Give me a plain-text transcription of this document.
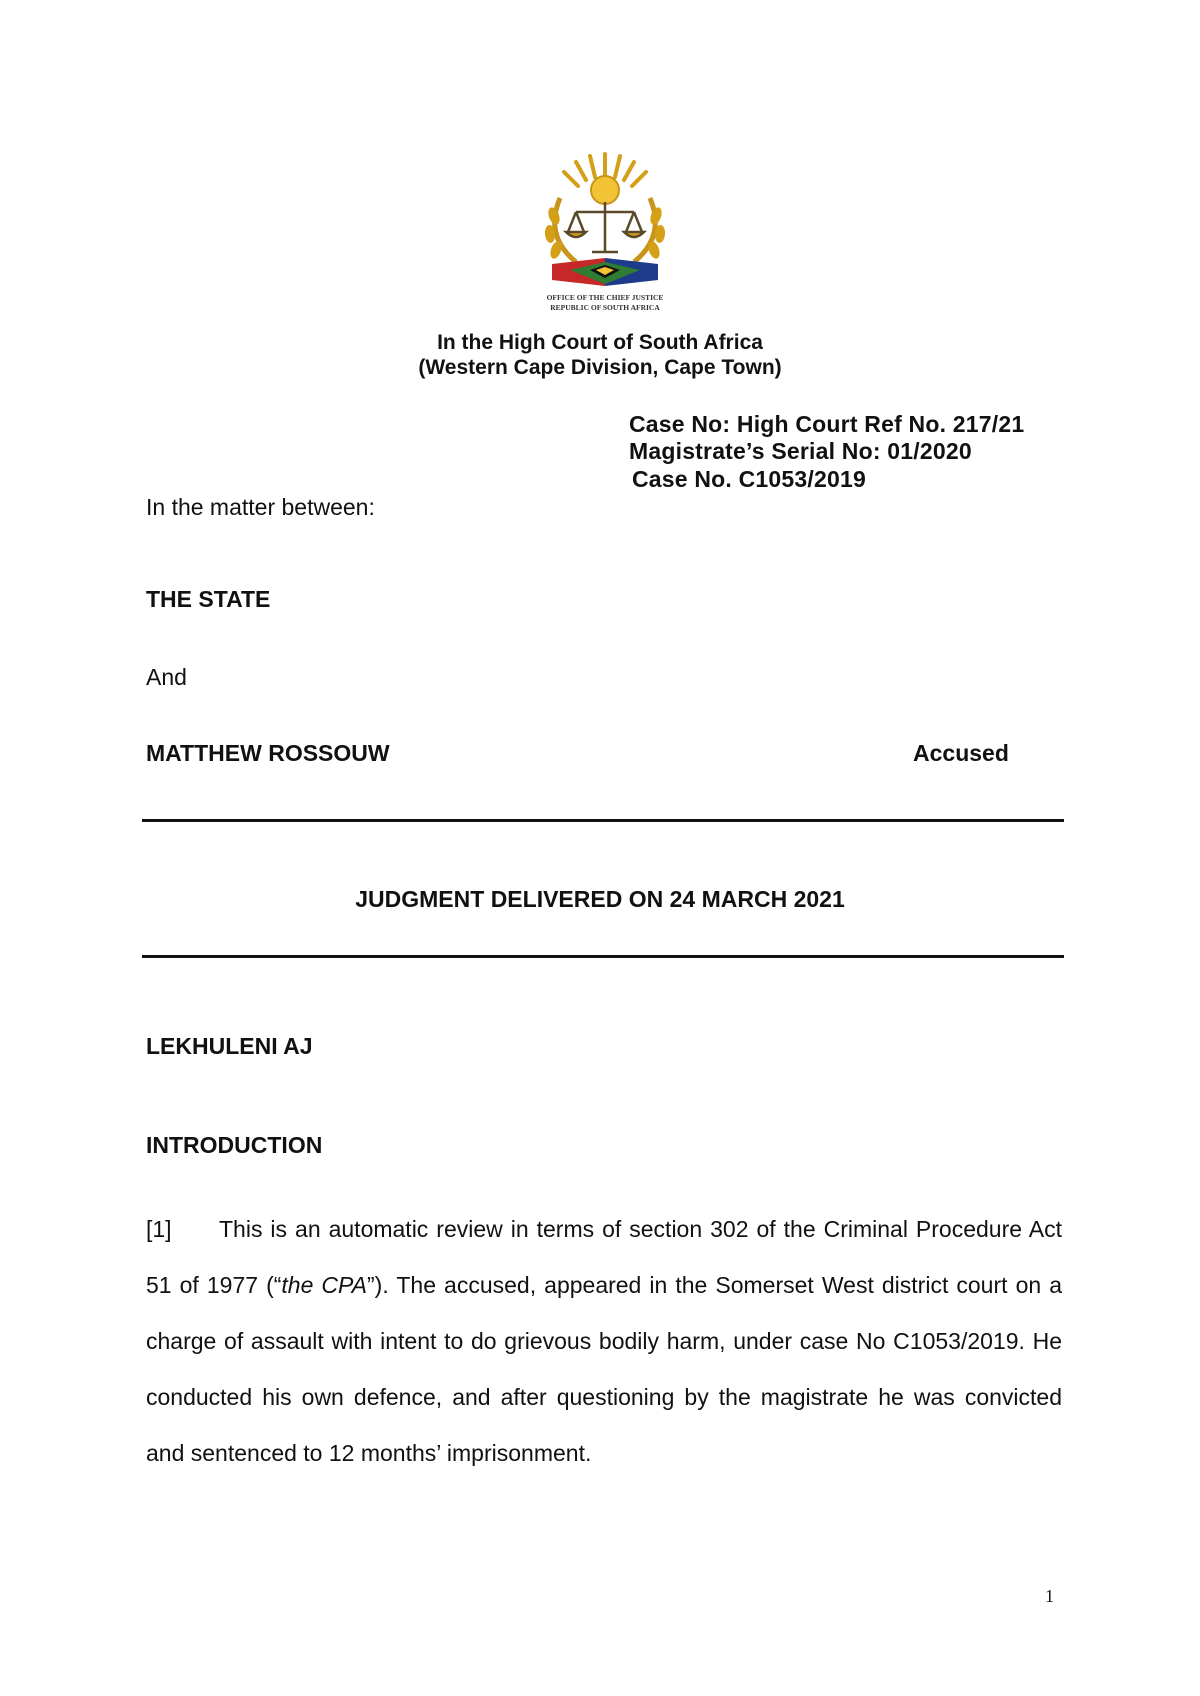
OFFICE OF THE CHIEF JUSTICE
REPUBLIC OF SOUTH AFRICA
In the High Court of South Africa
(Western Cape Division, Cape Town)
Case No: High Court Ref No. 217/21
Magistrate’s Serial No: 01/2020
Case No. C1053/2019
In the matter between:
THE STATE
And
MATTHEW ROSSOUW	Accused
JUDGMENT DELIVERED ON 24 MARCH 2021
LEKHULENI AJ
INTRODUCTION
[1] This is an automatic review in terms of section 302 of the Criminal Procedure Act 51 of 1977 (“the CPA”). The accused, appeared in the Somerset West district court on a charge of assault with intent to do grievous bodily harm, under case No C1053/2019. He conducted his own defence, and after questioning by the magistrate he was convicted and sentenced to 12 months’ imprisonment.
1
